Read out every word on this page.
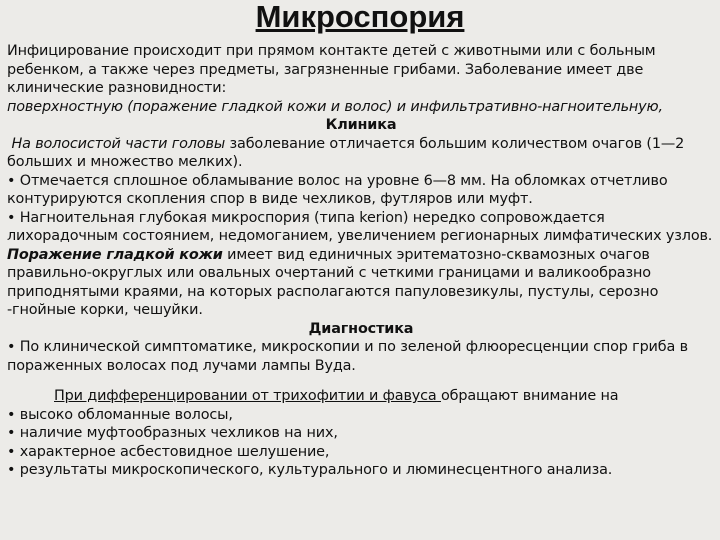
Микроспория

Инфицирование происходит при прямом контакте детей с животными или с больным ребенком, а также через предметы, загрязненные грибами. Заболевание имеет две клинические разновидности:

поверхностную (поражение гладкой кожи и волос) и инфильтративно-нагноительную,

Клиника

На волосистой части головы заболевание отличается большим количеством очагов (1—2 больших и множество мелких).

• Отмечается сплошное обламывание волос на уровне 6—8 мм. На обломках отчетливо контурируются скопления спор в виде чехликов, футляров или муфт.

• Нагноительная глубокая микроспория (типа kerion) нередко сопровождается лихорадочным состоянием, недомоганием, увеличением регионарных лимфатических узлов.

Поражение гладкой кожи имеет вид единичных эритематозно-сквамозных очагов правильно-округлых или овальных очертаний с четкими границами и валикообразно приподнятыми краями, на которых располагаются папуловезикулы, пустулы, серозно -гнойные корки, чешуйки.

Диагностика

• По клинической симптоматике, микроскопии и по зеленой флюоресценции спор гриба в пораженных волосах под лучами лампы Вуда.

При дифференцировании от трихофитии и фавуса обращают внимание на

• высоко обломанные волосы,

• наличие муфтообразных чехликов на них,

• характерное асбестовидное шелушение,

• результаты микроскопического, культурального и люминесцентного анализа.
